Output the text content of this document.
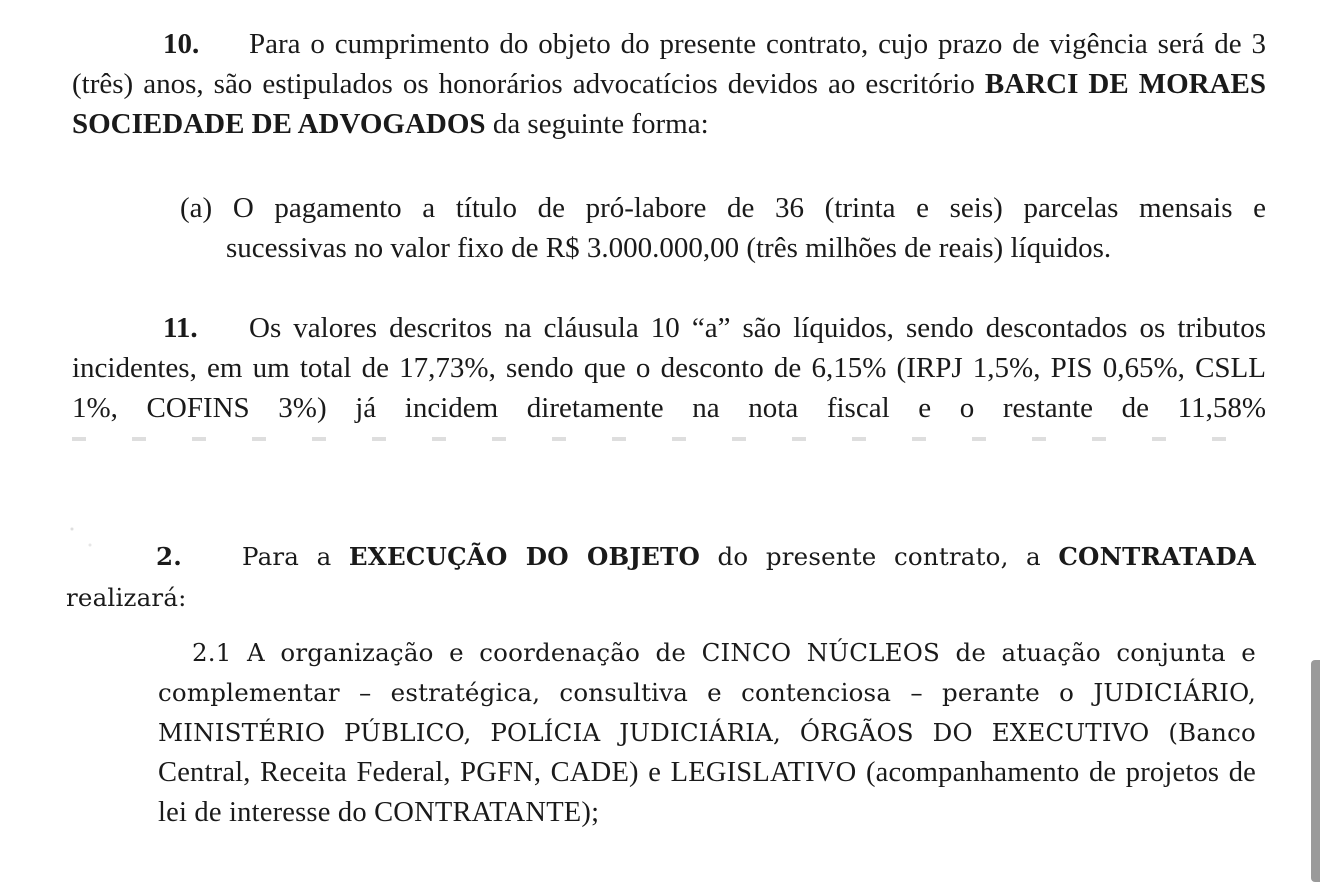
10. Para o cumprimento do objeto do presente contrato, cujo prazo de vigência será de 3 (três) anos, são estipulados os honorários advocatícios devidos ao escritório BARCI DE MORAES SOCIEDADE DE ADVOGADOS da seguinte forma:

(a) O pagamento a título de pró-labore de 36 (trinta e seis) parcelas mensais e
sucessivas no valor fixo de R$ 3.000.000,00 (três milhões de reais) líquidos.

11. Os valores descritos na cláusula 10 “a” são líquidos, sendo descontados os tributos incidentes, em um total de 17,73%, sendo que o desconto de 6,15% (IRPJ 1,5%, PIS 0,65%, CSLL 1%, COFINS 3%) já incidem diretamente na nota fiscal e o restante de 11,58%

2. Para a EXECUÇÃO DO OBJETO do presente contrato, a CONTRATADA realizará:

2.1 A organização e coordenação de CINCO NÚCLEOS de atuação conjunta e complementar – estratégica, consultiva e contenciosa – perante o JUDICIÁRIO, MINISTÉRIO PÚBLICO, POLÍCIA JUDICIÁRIA, ÓRGÃOS DO EXECUTIVO (Banco Central, Receita Federal, PGFN, CADE) e LEGISLATIVO (acompanhamento de projetos de lei de interesse do CONTRATANTE);
